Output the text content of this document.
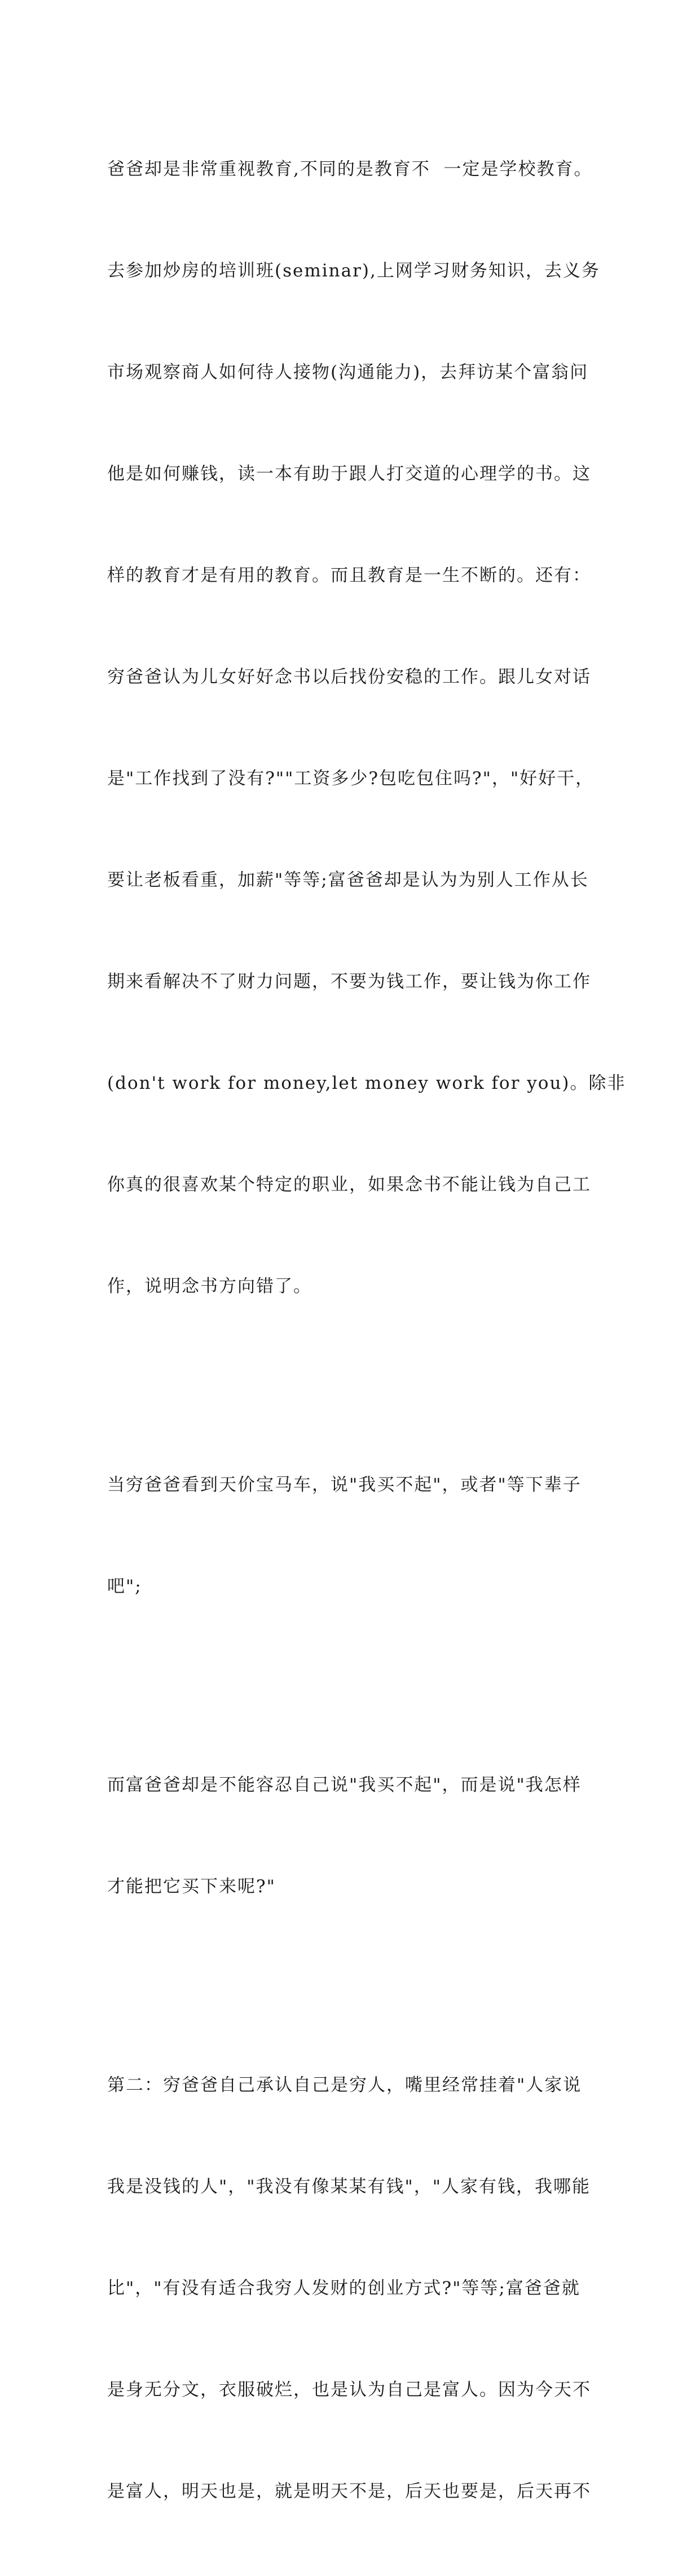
爸爸却是非常重视教育,不同的是教育不  一定是学校教育。

去参加炒房的培训班(seminar),上网学习财务知识，去义务

市场观察商人如何待人接物(沟通能力)，去拜访某个富翁问

他是如何赚钱，读一本有助于跟人打交道的心理学的书。这

样的教育才是有用的教育。而且教育是一生不断的。还有：

穷爸爸认为儿女好好念书以后找份安稳的工作。跟儿女对话

是"工作找到了没有?""工资多少?包吃包住吗?"，"好好干，

要让老板看重，加薪"等等;富爸爸却是认为为别人工作从长

期来看解决不了财力问题，不要为钱工作，要让钱为你工作

(don't work for money,let money work for you)。除非

你真的很喜欢某个特定的职业，如果念书不能让钱为自己工

作，说明念书方向错了。

当穷爸爸看到天价宝马车，说"我买不起"，或者"等下辈子

吧";

而富爸爸却是不能容忍自己说"我买不起"，而是说"我怎样

才能把它买下来呢?"

第二：穷爸爸自己承认自己是穷人，嘴里经常挂着"人家说

我是没钱的人"，"我没有像某某有钱"，"人家有钱，我哪能

比"，"有没有适合我穷人发财的创业方式?"等等;富爸爸就

是身无分文，衣服破烂，也是认为自己是富人。因为今天不

是富人，明天也是，就是明天不是，后天也要是，后天再不
